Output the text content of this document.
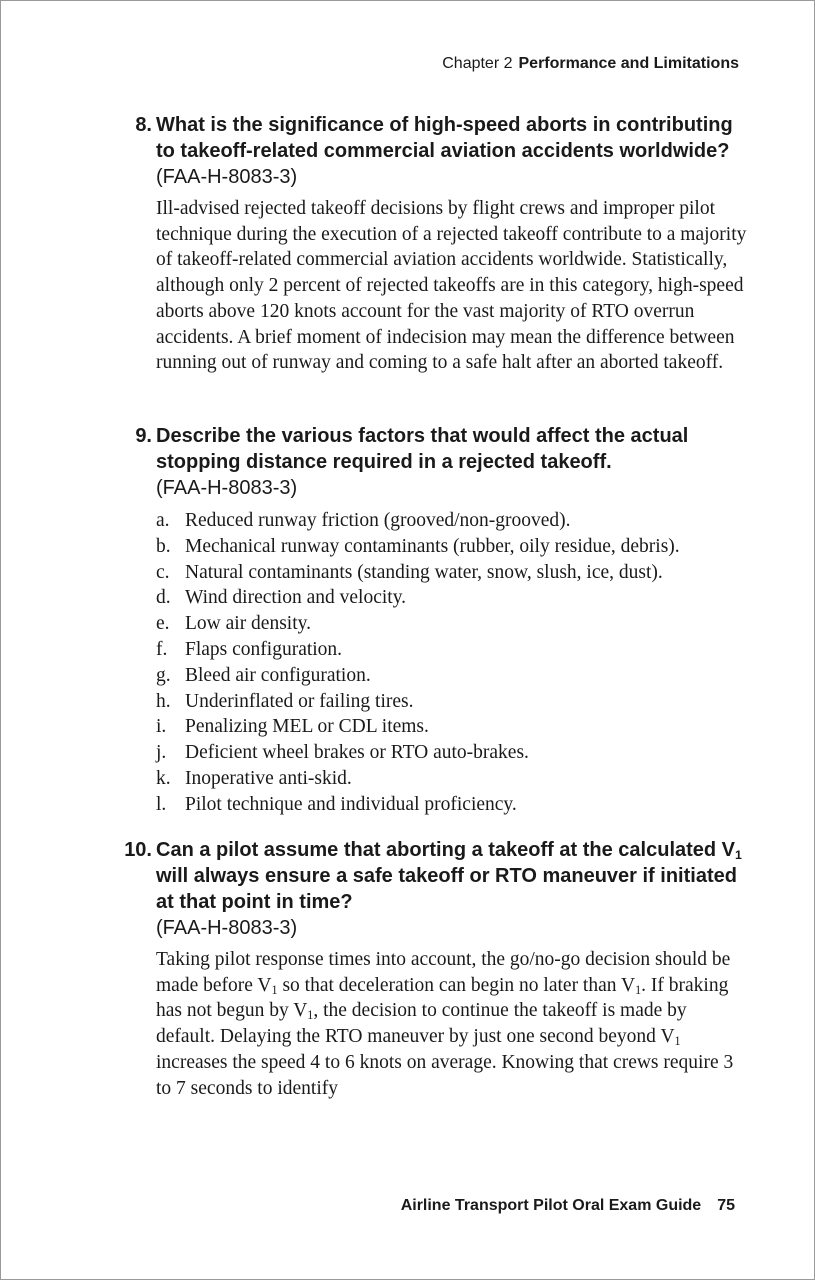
Chapter 2 Performance and Limitations
8. What is the significance of high-speed aborts in contributing to takeoff-related commercial aviation accidents worldwide? (FAA-H-8083-3)
Ill-advised rejected takeoff decisions by flight crews and improper pilot technique during the execution of a rejected takeoff contribute to a majority of takeoff-related commercial aviation accidents worldwide. Statistically, although only 2 percent of rejected takeoffs are in this category, high-speed aborts above 120 knots account for the vast majority of RTO overrun accidents. A brief moment of indecision may mean the difference between running out of runway and coming to a safe halt after an aborted takeoff.
9. Describe the various factors that would affect the actual stopping distance required in a rejected takeoff.
(FAA-H-8083-3)
a. Reduced runway friction (grooved/non-grooved).
b. Mechanical runway contaminants (rubber, oily residue, debris).
c. Natural contaminants (standing water, snow, slush, ice, dust).
d. Wind direction and velocity.
e. Low air density.
f. Flaps configuration.
g. Bleed air configuration.
h. Underinflated or failing tires.
i. Penalizing MEL or CDL items.
j. Deficient wheel brakes or RTO auto-brakes.
k. Inoperative anti-skid.
l. Pilot technique and individual proficiency.
10. Can a pilot assume that aborting a takeoff at the calculated $V_1$ will always ensure a safe takeoff or RTO maneuver if initiated at that point in time?
(FAA-H-8083-3)
Taking pilot response times into account, the go/no-go decision should be made before $V_1$ so that deceleration can begin no later than $V_1$. If braking has not begun by $V_1$, the decision to continue the takeoff is made by default. Delaying the RTO maneuver by just one second beyond $V_1$ increases the speed 4 to 6 knots on average. Knowing that crews require 3 to 7 seconds to identify
Airline Transport Pilot Oral Exam Guide 75
